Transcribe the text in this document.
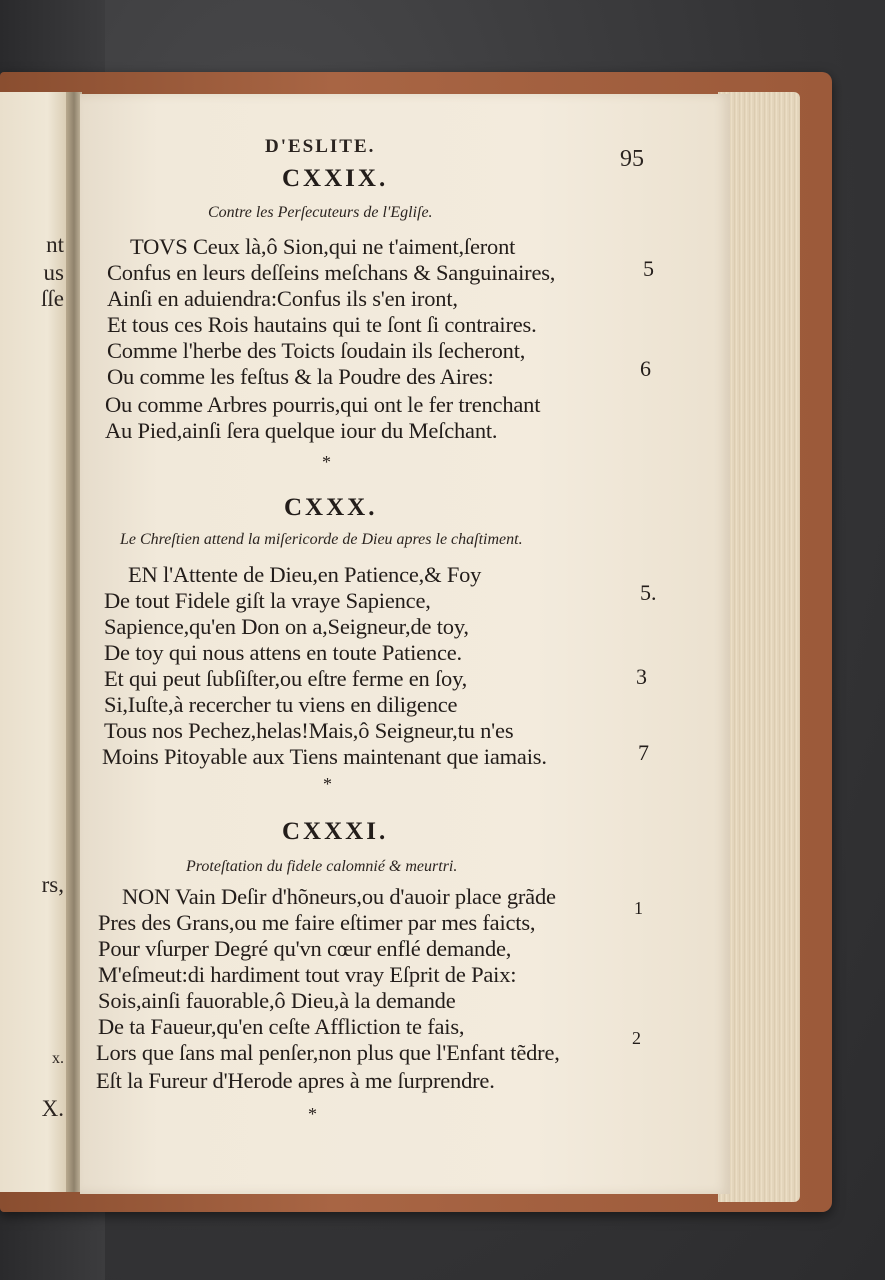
nt
us
ſſe
rs,
x.
X.
D'ESLITE.	95
CXXIX.
Contre les Perſecuteurs de l'Egliſe.
TOVS Ceux là,ô Sion,qui ne t'aiment,ſeront
Confus en leurs deſſeins meſchans & Sanguinaires,
Ainſi en aduiendra:Confus ils s'en iront,
Et tous ces Rois hautains qui te ſont ſi contraires.
Comme l'herbe des Toicts ſoudain ils ſecheront,
Ou comme les feſtus & la Poudre des Aires:
Ou comme Arbres pourris,qui ont le fer trenchant
Au Pied,ainſi ſera quelque iour du Meſchant.
5
6
*
CXXX.
Le Chreſtien attend la miſericorde de Dieu apres le chaſtiment.
EN l'Attente de Dieu,en Patience,& Foy
De tout Fidele giſt la vraye Sapience,
Sapience,qu'en Don on a,Seigneur,de toy,
De toy qui nous attens en toute Patience.
Et qui peut ſubſiſter,ou eſtre ferme en ſoy,
Si,Iuſte,à recercher tu viens en diligence
Tous nos Pechez,helas!Mais,ô Seigneur,tu n'es
Moins Pitoyable aux Tiens maintenant que iamais.
5.
3
7
*
CXXXI.
Proteſtation du fidele calomnié & meurtri.
NON Vain Deſir d'hõneurs,ou d'auoir place grãde
Pres des Grans,ou me faire eſtimer par mes faicts,
Pour vſurper Degré qu'vn cœur enflé demande,
M'eſmeut:di hardiment tout vray Eſprit de Paix:
Sois,ainſi fauorable,ô Dieu,à la demande
De ta Faueur,qu'en ceſte Affliction te fais,
Lors que ſans mal penſer,non plus que l'Enfant tẽdre,
Eſt la Fureur d'Herode apres à me ſurprendre.
1
2
*
